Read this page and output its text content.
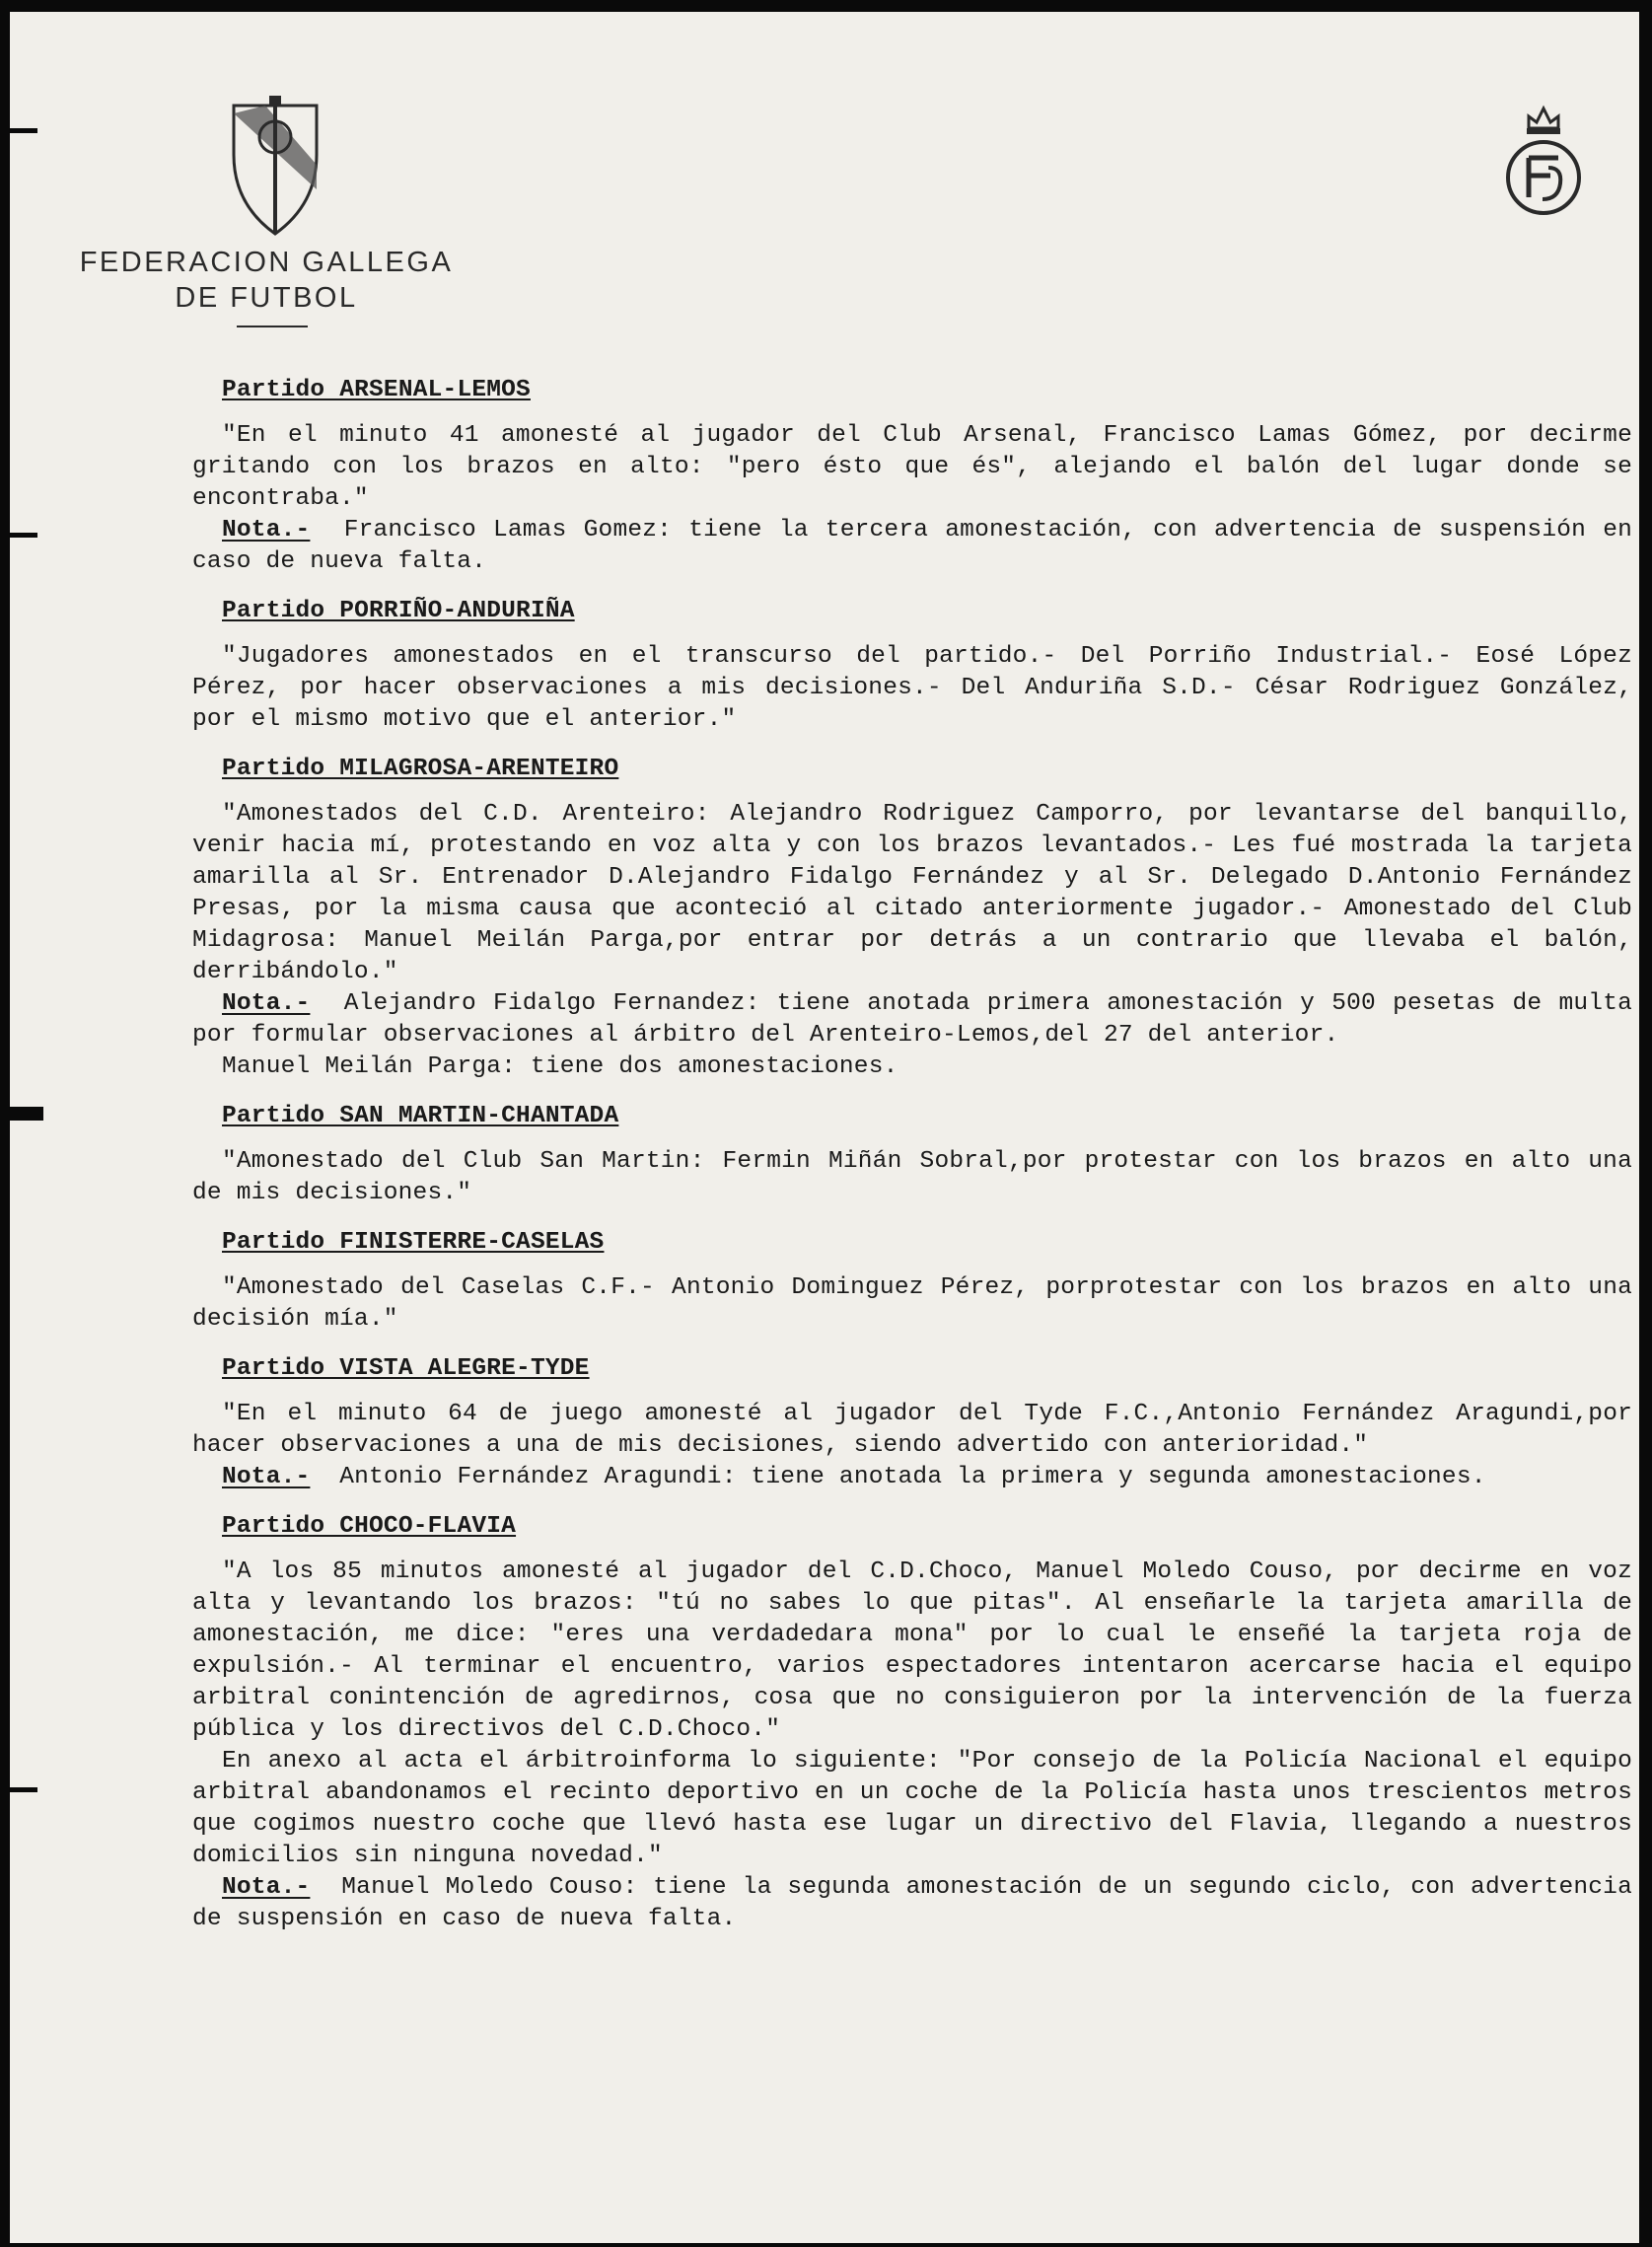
FEDERACION GALLEGA
DE FUTBOL
Partido ARSENAL-LEMOS

"En el minuto 41 amonesté al jugador del Club Arsenal, Francisco Lamas Gómez, por decirme gritando con los brazos en alto: "pero ésto que és", alejando el balón del lugar donde se encontraba."

Nota.- Francisco Lamas Gomez: tiene la tercera amonestación, con advertencia de suspensión en caso de nueva falta.

Partido PORRIÑO-ANDURIÑA

"Jugadores amonestados en el transcurso del partido.- Del Porriño Industrial.- Eosé López Pérez, por hacer observaciones a mis decisiones.- Del Anduriña S.D.- César Rodriguez González, por el mismo motivo que el anterior."

Partido MILAGROSA-ARENTEIRO

"Amonestados del C.D. Arenteiro: Alejandro Rodriguez Camporro, por levantarse del banquillo, venir hacia mí, protestando en voz alta y con los brazos levantados.- Les fué mostrada la tarjeta amarilla al Sr. Entrenador D.Alejandro Fidalgo Fernández y al Sr. Delegado D.Antonio Fernández Presas, por la misma causa que aconteció al citado anteriormente jugador.- Amonestado del Club Midagrosa: Manuel Meilán Parga,por entrar por detrás a un contrario que llevaba el balón, derribándolo."

Nota.- Alejandro Fidalgo Fernandez: tiene anotada primera amonestación y 500 pesetas de multa por formular observaciones al árbitro del Arenteiro-Lemos,del 27 del anterior.

Manuel Meilán Parga: tiene dos amonestaciones.

Partido SAN MARTIN-CHANTADA

"Amonestado del Club San Martin: Fermin Miñán Sobral,por protestar con los brazos en alto una de mis decisiones."

Partido FINISTERRE-CASELAS

"Amonestado del Caselas C.F.- Antonio Dominguez Pérez, porprotestar con los brazos en alto una decisión mía."

Partido VISTA ALEGRE-TYDE

"En el minuto 64 de juego amonesté al jugador del Tyde F.C.,Antonio Fernández Aragundi,por hacer observaciones a una de mis decisiones, siendo advertido con anterioridad."

Nota.- Antonio Fernández Aragundi: tiene anotada la primera y segunda amonestaciones.

Partido CHOCO-FLAVIA

"A los 85 minutos amonesté al jugador del C.D.Choco, Manuel Moledo Couso, por decirme en voz alta y levantando los brazos: "tú no sabes lo que pitas". Al enseñarle la tarjeta amarilla de amonestación, me dice: "eres una verdadedara mona" por lo cual le enseñé la tarjeta roja de expulsión.- Al terminar el encuentro, varios espectadores intentaron acercarse hacia el equipo arbitral conintención de agredirnos, cosa que no consiguieron por la intervención de la fuerza pública y los directivos del C.D.Choco."

En anexo al acta el árbitroinforma lo siguiente: "Por consejo de la Policía Nacional el equipo arbitral abandonamos el recinto deportivo en un coche de la Policía hasta unos trescientos metros que cogimos nuestro coche que llevó hasta ese lugar un directivo del Flavia, llegando a nuestros domicilios sin ninguna novedad."

Nota.- Manuel Moledo Couso: tiene la segunda amonestación de un segundo ciclo, con advertencia de suspensión en caso de nueva falta.
